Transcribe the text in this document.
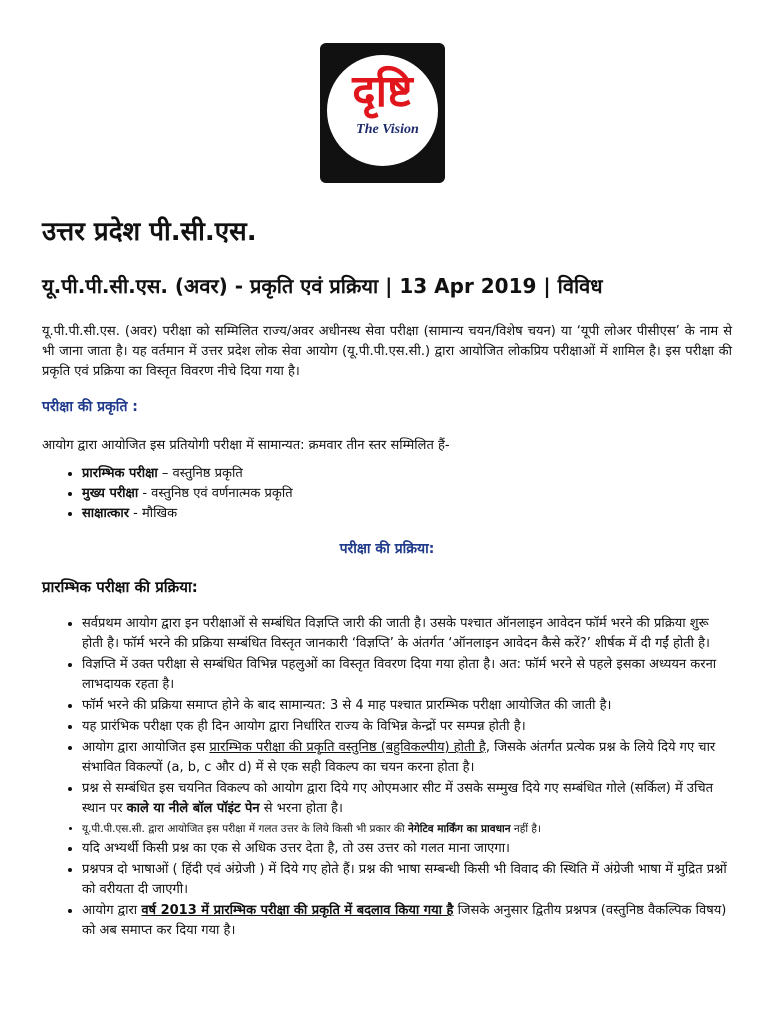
दृष्टि
The Vision
उत्तर प्रदेश पी.सी.एस.
यू.पी.पी.सी.एस. (अवर) - प्रकृति एवं प्रक्रिया | 13 Apr 2019 | विविध

यू.पी.पी.सी.एस. (अवर) परीक्षा को सम्मिलित राज्य/अवर अधीनस्थ सेवा परीक्षा (सामान्य चयन/विशेष चयन) या ‘यूपी लोअर पीसीएस’ के नाम से भी जाना जाता है। यह वर्तमान में उत्तर प्रदेश लोक सेवा आयोग (यू.पी.पी.एस.सी.) द्वारा आयोजित लोकप्रिय परीक्षाओं में शामिल है। इस परीक्षा की प्रकृति एवं प्रक्रिया का विस्तृत विवरण नीचे दिया गया है।

परीक्षा की प्रकृति :

आयोग द्वारा आयोजित इस प्रतियोगी परीक्षा में सामान्यत: क्रमवार तीन स्तर सम्मिलित हैं-

• प्रारम्भिक परीक्षा – वस्तुनिष्ठ प्रकृति
• मुख्य परीक्षा - वस्तुनिष्ठ एवं वर्णनात्मक प्रकृति
• साक्षात्कार - मौखिक
परीक्षा की प्रक्रिया:
प्रारम्भिक परीक्षा की प्रक्रिया:
• सर्वप्रथम आयोग द्वारा इन परीक्षाओं से सम्बंधित विज्ञप्ति जारी की जाती है। उसके पश्चात ऑनलाइन आवेदन फॉर्म भरने की प्रक्रिया शुरू होती है। फॉर्म भरने की प्रक्रिया सम्बंधित विस्तृत जानकारी ‘विज्ञप्ति’ के अंतर्गत ‘ऑनलाइन आवेदन कैसे करें?’ शीर्षक में दी गईं होती है।
• विज्ञप्ति में उक्त परीक्षा से सम्बंधित विभिन्न पहलुओं का विस्तृत विवरण दिया गया होता है। अत: फॉर्म भरने से पहले इसका अध्ययन करना लाभदायक रहता है।
• फॉर्म भरने की प्रक्रिया समाप्त होने के बाद सामान्यत: 3 से 4 माह पश्चात प्रारम्भिक परीक्षा आयोजित की जाती है।
• यह प्रारंभिक परीक्षा एक ही दिन आयोग द्वारा निर्धारित राज्य के विभिन्न केन्द्रों पर सम्पन्न होती है।
• आयोग द्वारा आयोजित इस प्रारम्भिक परीक्षा की प्रकृति वस्तुनिष्ठ (बहुविकल्पीय) होती है, जिसके अंतर्गत प्रत्येक प्रश्न के लिये दिये गए चार संभावित विकल्पों (a, b, c और d) में से एक सही विकल्प का चयन करना होता है।
• प्रश्न से सम्बंधित इस चयनित विकल्प को आयोग द्वारा दिये गए ओएमआर सीट में उसके सम्मुख दिये गए सम्बंधित गोले (सर्किल) में उचित स्थान पर काले या नीले बॉल पॉइंट पेन से भरना होता है।
• यू.पी.पी.एस.सी. द्वारा आयोजित इस परीक्षा में गलत उत्तर के लिये किसी भी प्रकार की नेगेटिव मार्किंग का प्रावधान नहीं है।
• यदि अभ्यर्थी किसी प्रश्न का एक से अधिक उत्तर देता है, तो उस उत्तर को गलत माना जाएगा।
• प्रश्नपत्र दो भाषाओं ( हिंदी एवं अंग्रेजी ) में दिये गए होते हैं। प्रश्न की भाषा सम्बन्धी किसी भी विवाद की स्थिति में अंग्रेजी भाषा में मुद्रित प्रश्नों को वरीयता दी जाएगी।
• आयोग द्वारा वर्ष 2013 में प्रारम्भिक परीक्षा की प्रकृति में बदलाव किया गया है जिसके अनुसार द्वितीय प्रश्नपत्र (वस्तुनिष्ठ वैकल्पिक विषय) को अब समाप्त कर दिया गया है।
